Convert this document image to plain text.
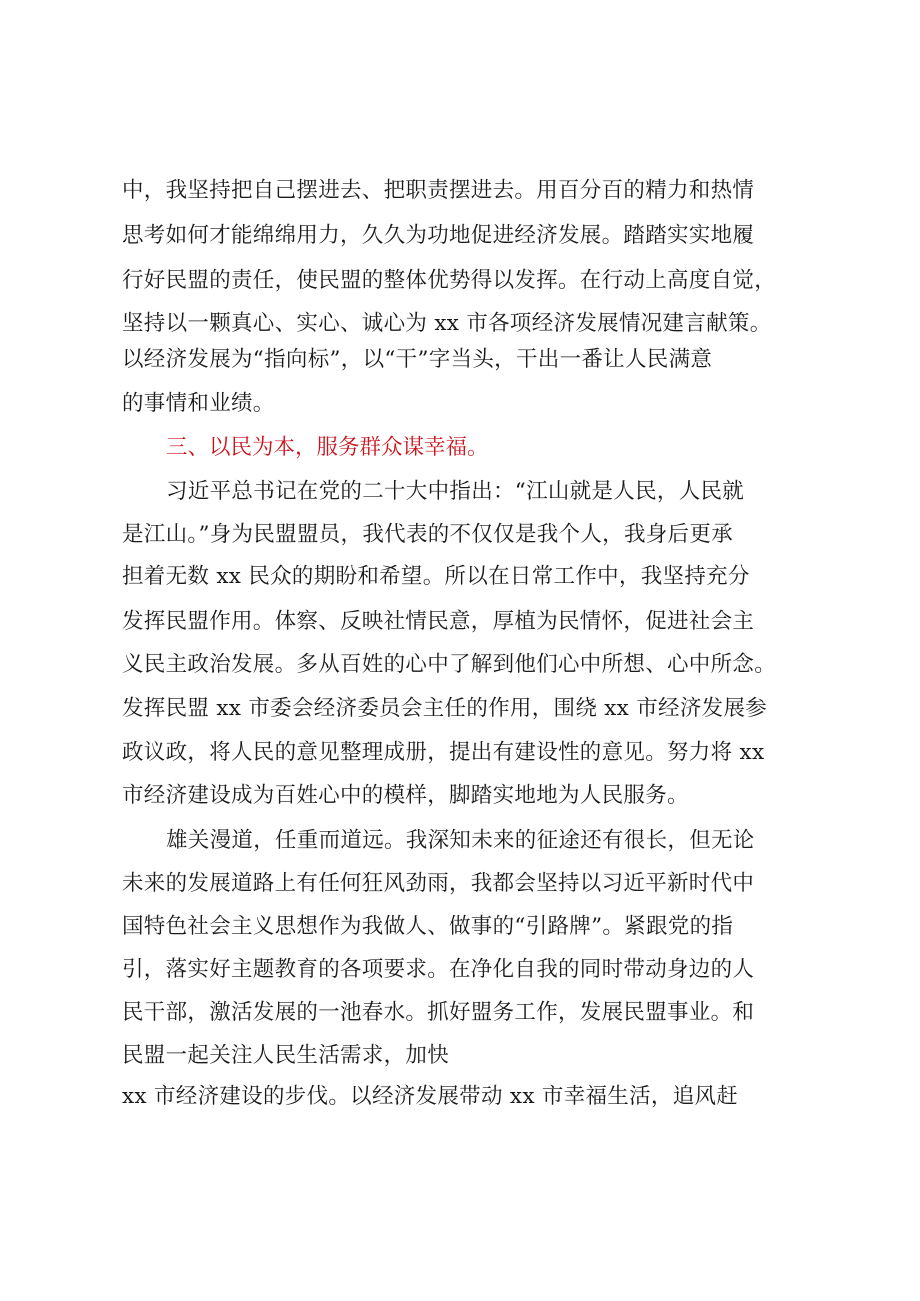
中，我坚持把自己摆进去、把职责摆进去。用百分百的精力和热情
思考如何才能绵绵用力，久久为功地促进经济发展。踏踏实实地履
行好民盟的责任，使民盟的整体优势得以发挥。在行动上高度自觉，
坚持以一颗真心、实心、诚心为 xx 市各项经济发展情况建言献策。
以经济发展为“指向标”，以“干”字当头，干出一番让人民满意
的事情和业绩。
三、以民为本，服务群众谋幸福。
习近平总书记在党的二十大中指出：“江山就是人民，人民就
是江山。”身为民盟盟员，我代表的不仅仅是我个人，我身后更承
担着无数 xx 民众的期盼和希望。所以在日常工作中，我坚持充分
发挥民盟作用。体察、反映社情民意，厚植为民情怀，促进社会主
义民主政治发展。多从百姓的心中了解到他们心中所想、心中所念。
发挥民盟 xx 市委会经济委员会主任的作用，围绕 xx 市经济发展参
政议政，将人民的意见整理成册，提出有建设性的意见。努力将 xx
市经济建设成为百姓心中的模样，脚踏实地地为人民服务。
雄关漫道，任重而道远。我深知未来的征途还有很长，但无论
未来的发展道路上有任何狂风劲雨，我都会坚持以习近平新时代中
国特色社会主义思想作为我做人、做事的“引路牌”。紧跟党的指
引，落实好主题教育的各项要求。在净化自我的同时带动身边的人
民干部，激活发展的一池春水。抓好盟务工作，发展民盟事业。和
民盟一起关注人民生活需求，加快
xx 市经济建设的步伐。以经济发展带动 xx 市幸福生活，追风赶
